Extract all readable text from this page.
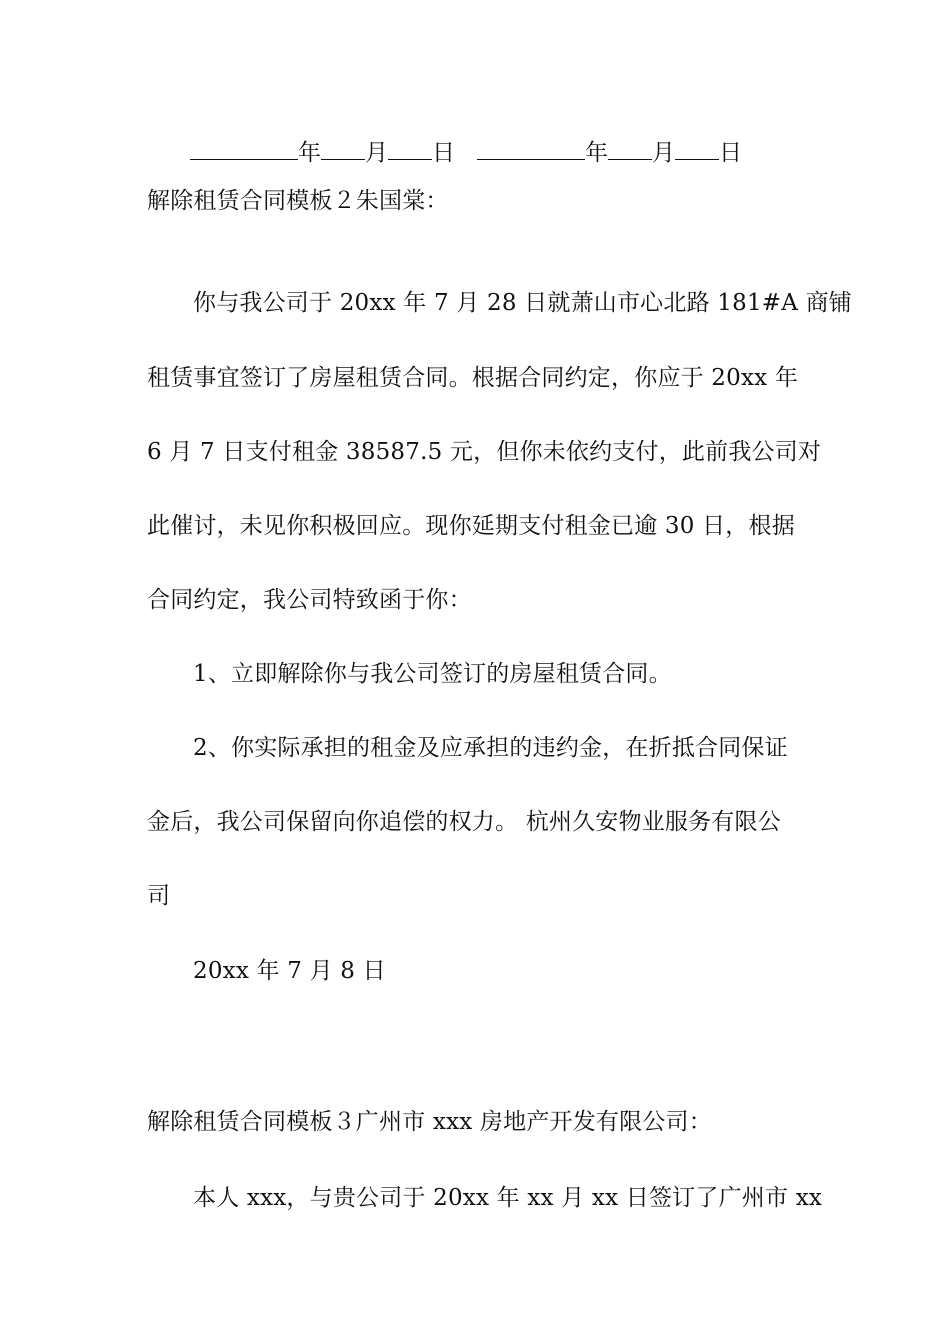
年 月 日	年 月 日
解除租赁合同模板２朱国棠：
你与我公司于 20xx 年 7 月 28 日就萧山市心北路 181#A 商铺
租赁事宜签订了房屋租赁合同。根据合同约定，你应于 20xx 年
6 月 7 日支付租金 38587.5 元，但你未依约支付，此前我公司对
此催讨，未见你积极回应。现你延期支付租金已逾 30 日，根据
合同约定，我公司特致函于你：
1、立即解除你与我公司签订的房屋租赁合同。
2、你实际承担的租金及应承担的违约金，在折抵合同保证
金后，我公司保留向你追偿的权力。 杭州久安物业服务有限公
司
20xx 年 7 月 8 日
解除租赁合同模板３广州市 xxx 房地产开发有限公司：
本人 xxx，与贵公司于 20xx 年 xx 月 xx 日签订了广州市 xx
